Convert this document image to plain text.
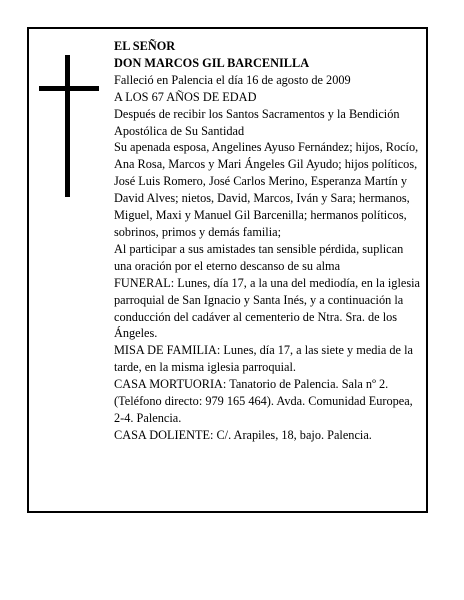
EL SEÑOR

DON MARCOS GIL BARCENILLA

Falleció en Palencia el día 16 de agosto de 2009

A LOS 67 AÑOS DE EDAD

Después de recibir los Santos Sacramentos y la Bendición Apostólica de Su Santidad

Su apenada esposa, Angelines Ayuso Fernández; hijos, Rocío, Ana Rosa, Marcos y Mari Ángeles Gil Ayudo; hijos políticos, José Luis Romero, José Carlos Merino, Esperanza Martín y David Alves; nietos, David, Marcos, Iván y Sara; hermanos, Miguel, Maxi y Manuel Gil Barcenilla; hermanos políticos, sobrinos, primos y demás familia;

Al participar a sus amistades tan sensible pérdida, suplican una oración por el eterno descanso de su alma

FUNERAL: Lunes, día 17, a la una del mediodía, en la iglesia parroquial de San Ignacio y Santa Inés, y a continuación la conducción del cadáver al cementerio de Ntra. Sra. de los Ángeles.

MISA DE FAMILIA: Lunes, día 17, a las siete y media de la tarde, en la misma iglesia parroquial.

CASA MORTUORIA: Tanatorio de Palencia. Sala nº 2. (Teléfono directo: 979 165 464). Avda. Comunidad Europea, 2-4. Palencia.

CASA DOLIENTE: C/. Arapiles, 18, bajo. Palencia.
